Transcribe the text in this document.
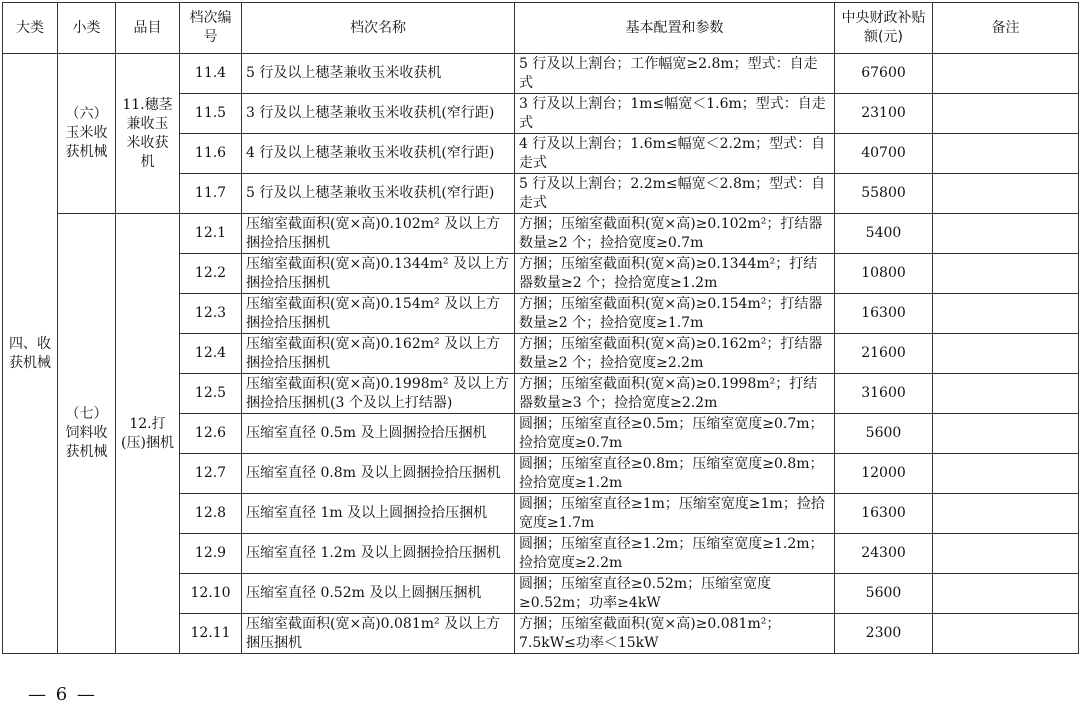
大类	小类	品目	档次编号	档次名称	基本配置和参数	中央财政补贴额(元)	备注
四、收获机械	（六）玉米收获机械	11.穗茎兼收玉米收获机	11.4	5 行及以上穗茎兼收玉米收获机	5 行及以上割台；工作幅宽≥2.8m；型式：自走式	67600	
			11.5	3 行及以上穗茎兼收玉米收获机(窄行距)	3 行及以上割台；1m≤幅宽＜1.6m；型式：自走式	23100	
			11.6	4 行及以上穗茎兼收玉米收获机(窄行距)	4 行及以上割台；1.6m≤幅宽＜2.2m；型式：自走式	40700	
			11.7	5 行及以上穗茎兼收玉米收获机(窄行距)	5 行及以上割台；2.2m≤幅宽＜2.8m；型式：自走式	55800	
	（七）饲料收获机械	12.打(压)捆机	12.1	压缩室截面积(宽×高)0.102m² 及以上方捆捡拾压捆机	方捆；压缩室截面积(宽×高)≥0.102m²；打结器数量≥2 个；捡拾宽度≥0.7m	5400	
			12.2	压缩室截面积(宽×高)0.1344m² 及以上方捆捡拾压捆机	方捆；压缩室截面积(宽×高)≥0.1344m²；打结器数量≥2 个；捡拾宽度≥1.2m	10800	
			12.3	压缩室截面积(宽×高)0.154m² 及以上方捆捡拾压捆机	方捆；压缩室截面积(宽×高)≥0.154m²；打结器数量≥2 个；捡拾宽度≥1.7m	16300	
			12.4	压缩室截面积(宽×高)0.162m² 及以上方捆捡拾压捆机	方捆；压缩室截面积(宽×高)≥0.162m²；打结器数量≥2 个；捡拾宽度≥2.2m	21600	
			12.5	压缩室截面积(宽×高)0.1998m² 及以上方捆捡拾压捆机(3 个及以上打结器)	方捆；压缩室截面积(宽×高)≥0.1998m²；打结器数量≥3 个；捡拾宽度≥2.2m	31600	
			12.6	压缩室直径 0.5m 及上圆捆捡拾压捆机	圆捆；压缩室直径≥0.5m；压缩室宽度≥0.7m；捡拾宽度≥0.7m	5600	
			12.7	压缩室直径 0.8m 及以上圆捆捡拾压捆机	圆捆；压缩室直径≥0.8m；压缩室宽度≥0.8m；捡拾宽度≥1.2m	12000	
			12.8	压缩室直径 1m 及以上圆捆捡拾压捆机	圆捆；压缩室直径≥1m；压缩室宽度≥1m；捡拾宽度≥1.7m	16300	
			12.9	压缩室直径 1.2m 及以上圆捆捡拾压捆机	圆捆；压缩室直径≥1.2m；压缩室宽度≥1.2m；捡拾宽度≥2.2m	24300	
			12.10	压缩室直径 0.52m 及以上圆捆压捆机	圆捆；压缩室直径≥0.52m；压缩室宽度≥0.52m；功率≥4kW	5600	
			12.11	压缩室截面积(宽×高)0.081m² 及以上方捆压捆机	方捆；压缩室截面积(宽×高)≥0.081m²；7.5kW≤功率＜15kW	2300	
— 6 —
